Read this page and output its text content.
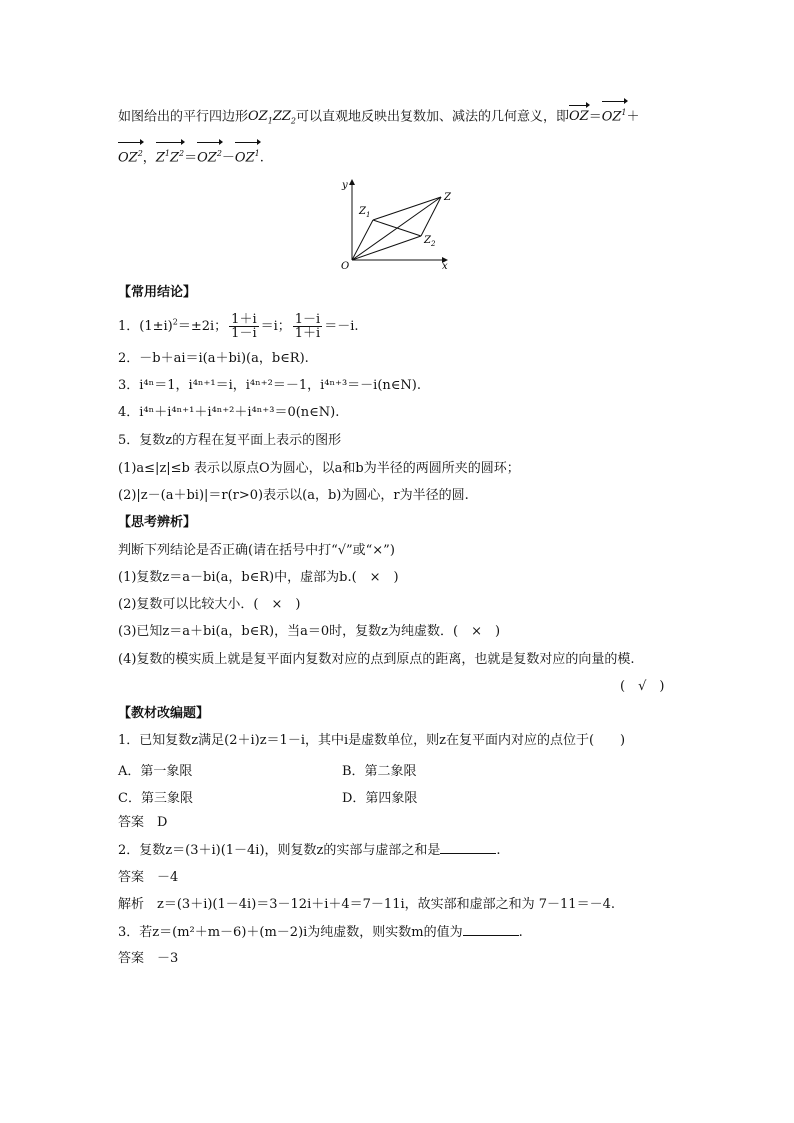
如图给出的平行四边形$OZ_1ZZ_2$可以直观地反映出复数加、减法的几何意义，即$OZ=OZ^1+$
$OZ^2$，$Z^1Z^2=OZ^2-OZ^1$.
y
x
O
Z
$Z_1$
$Z_2$
【常用结论】
1．$(1\pm i)^2=\pm 2i$； $\frac{1+i}{1-i} =i$； $\frac{1-i}{1+i} =-i$.
2．－b＋ai＝i(a＋bi)(a，b∈R).
3．i⁴ⁿ＝1，i⁴ⁿ⁺¹＝i，i⁴ⁿ⁺²＝－1，i⁴ⁿ⁺³＝－i(n∈N).
4．i⁴ⁿ＋i⁴ⁿ⁺¹＋i⁴ⁿ⁺²＋i⁴ⁿ⁺³＝0(n∈N).
5．复数z的方程在复平面上表示的图形
(1)a≤|z|≤b 表示以原点O为圆心，以a和b为半径的两圆所夹的圆环；
(2)|z－(a＋bi)|＝r(r>0)表示以(a，b)为圆心，r为半径的圆.
【思考辨析】
判断下列结论是否正确(请在括号中打“√”或“×”)
(1)复数z＝a－bi(a，b∈R)中，虚部为b.(　×　)
(2)复数可以比较大小．(　×　)
(3)已知z＝a＋bi(a，b∈R)，当a＝0时，复数z为纯虚数．(　×　)
(4)复数的模实质上就是复平面内复数对应的点到原点的距离，也就是复数对应的向量的模.
(　√　)
【教材改编题】
1．已知复数z满足(2＋i)z＝1－i，其中i是虚数单位，则z在复平面内对应的点位于(　　)
A．第一象限	B．第二象限
C．第三象限	D．第四象限
答案　D
2．复数z＝(3＋i)(1－4i)，则复数z的实部与虚部之和是	.
答案　－4
解析　z＝(3＋i)(1－4i)＝3－12i＋i＋4＝7－11i，故实部和虚部之和为 7－11＝－4.
3．若z＝(m²＋m－6)＋(m－2)i为纯虚数，则实数m的值为	.
答案　－3
